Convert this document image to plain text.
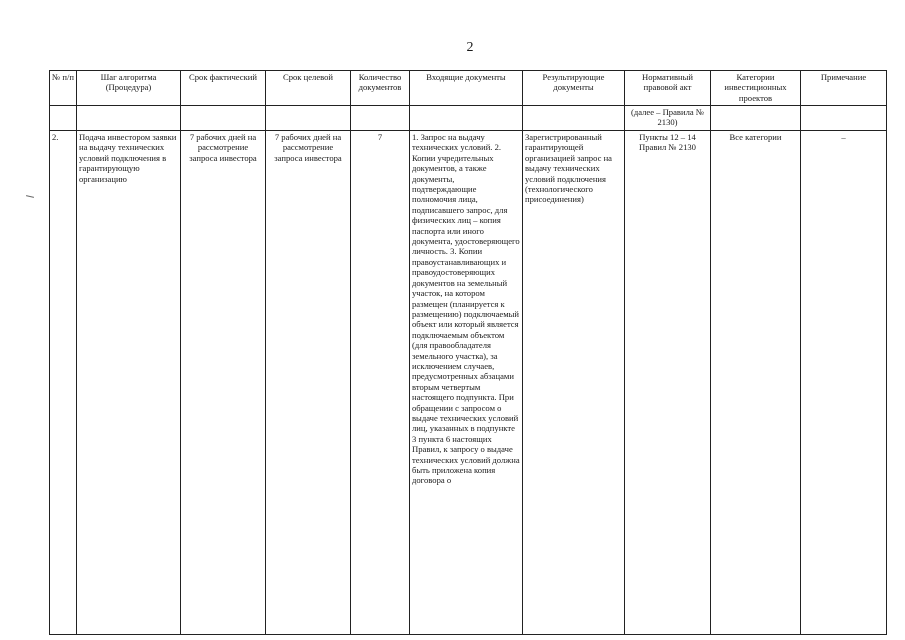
2
№ п/п	Шаг алгоритма (Процедура)	Срок фактический	Срок целевой	Количество документов	Входящие документы	Результирующие документы	Нормативный правовой акт	Категории инвестиционных проектов	Примечание
							(далее – Правила № 2130)		
2.	Подача инвестором заявки на выдачу технических условий подключения в гарантирующую организацию	7 рабочих дней на рассмотрение запроса инвестора	7 рабочих дней на рассмотрение запроса инвестора	7	1. Запрос на выдачу технических условий. 2. Копии учредительных документов, а также документы, подтверждающие полномочия лица, подписавшего запрос, для физических лиц – копия паспорта или иного документа, удостоверяющего личность. 3. Копии правоустанавливающих и правоудостоверяющих документов на земельный участок, на котором размещен (планируется к размещению) подключаемый объект или который является подключаемым объектом (для правообладателя земельного участка), за исключением случаев, предусмотренных абзацами вторым четвертым настоящего подпункта. При обращении с запросом о выдаче технических условий лиц, указанных в подпункте 3 пункта 6 настоящих Правил, к запросу о выдаче технических условий должна быть приложена копия договора о	Зарегистрированный гарантирующей организацией запрос на выдачу технических условий подключения (технологического присоединения)	Пункты 12 – 14 Правил № 2130	Все категории	–
